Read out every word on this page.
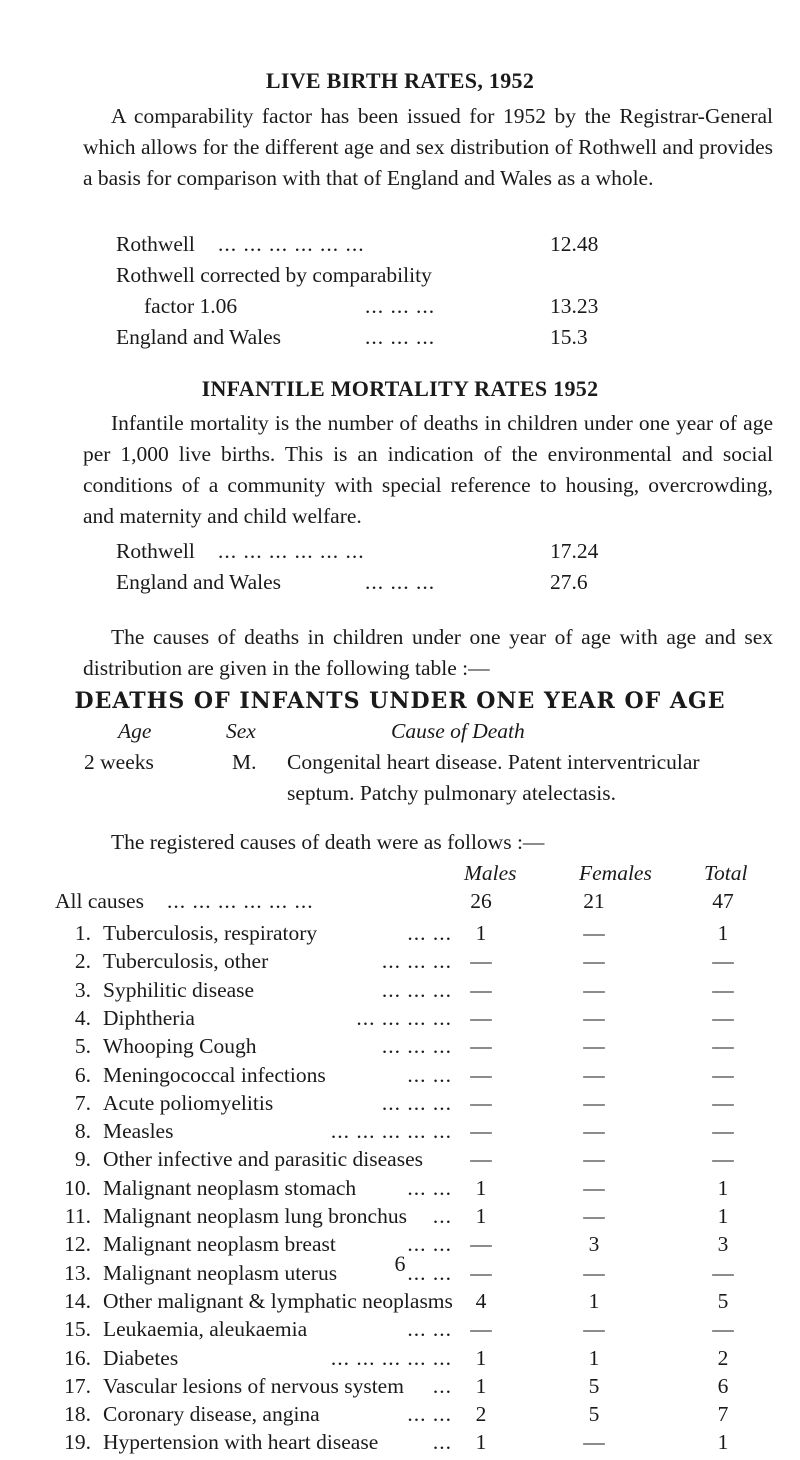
LIVE BIRTH RATES, 1952
A comparability factor has been issued for 1952 by the Registrar-General which allows for the different age and sex distribution of Rothwell and provides a basis for comparison with that of England and Wales as a whole.
Rothwell ... ... ... ... ... ...	12.48
Rothwell corrected by comparability
factor 1.06	... ... ...	13.23
England and Wales	... ... ...	15.3
INFANTILE MORTALITY RATES 1952
Infantile mortality is the number of deaths in children under one year of age per 1,000 live births. This is an indication of the environmental and social conditions of a community with special reference to housing, overcrowding, and maternity and child welfare.
Rothwell ... ... ... ... ... ...	17.24
England and Wales	... ... ...	27.6
The causes of deaths in children under one year of age with age and sex distribution are given in the following table :—
DEATHS OF INFANTS UNDER ONE YEAR OF AGE
Age	Sex	Cause of Death
2 weeks	M. Congenital heart disease. Patent interventricular
septum. Patchy pulmonary atelectasis.
The registered causes of death were as follows :—
Males	Females Total
All causes ... ... ... ... ... ...	26	21	47
1. Tuberculosis, respiratory	1	—	1
... ...
2. Tuberculosis, other	—	—	—
... ... ...
3. Syphilitic disease	—	—	—
... ... ...
4. Diphtheria	—	—	—
... ... ... ...
5. Whooping Cough	—	—	—
... ... ...
6. Meningococcal infections	—	—	—
... ...
7. Acute poliomyelitis	—	—	—
... ... ...
8. Measles	—	—	—
... ... ... ... ...
9. Other infective and parasitic diseases	—	—	—
10. Malignant neoplasm stomach	1	—	1
... ...
11. Malignant neoplasm lung bronchus	1	—	1
...
12. Malignant neoplasm breast	—	3	3
... ...
13. Malignant neoplasm uterus	—	—	—
... ...
14. Other malignant & lymphatic neoplasms	4	1	5
15. Leukaemia, aleukaemia	—	—	—
... ...
16. Diabetes	1	1	2
... ... ... ... ...
17. Vascular lesions of nervous system	1	5	6
...
18. Coronary disease, angina	2	5	7
... ...
19. Hypertension with heart disease	1	—	1
...
6
